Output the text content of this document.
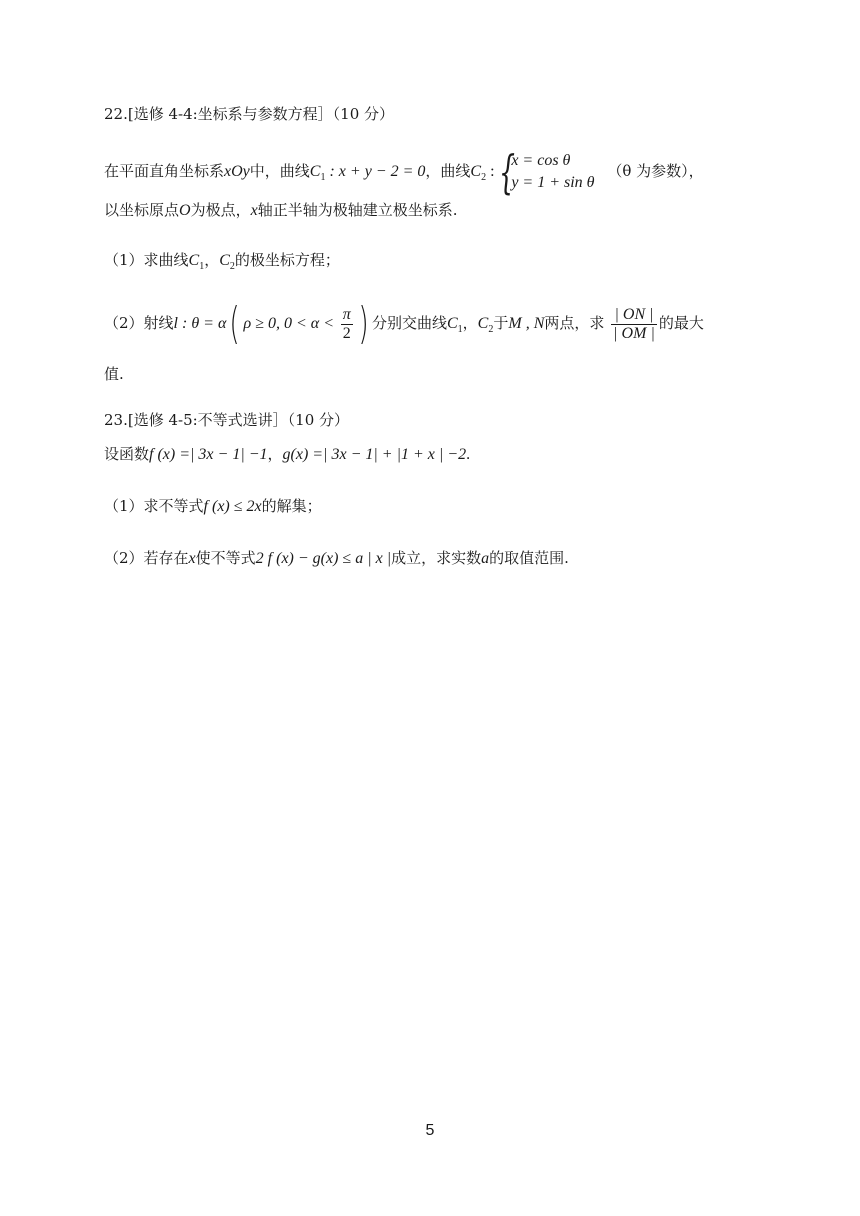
22.[选修 4-4:坐标系与参数方程］（10 分）
在平面直角坐标系xOy中，曲线$C_1$ : x + y − 2 = 0，曲线$C_2$ : {
x = cos θ
y = 1 + sin θ
（θ 为参数），
以坐标原点O为极点，x轴正半轴为极轴建立极坐标系.
（1）求曲线$C_1$，$C_2$的极坐标方程；
（2）射线l : θ = α( ρ ≥ 0, $0 < \alpha < \frac{\pi}{2}$ ) 分别交曲线$C_1$，$C_2$于M , N两点，求 $\frac{| ON |}{| OM |}$ 的最大
值.
23.[选修 4-5:不等式选讲］（10 分）
设函数f (x) =| 3x − 1| −1，g(x) =| 3x − 1| + |1 + x | −2.
（1）求不等式f (x) ≤ 2x的解集；
（2）若存在x使不等式2 f (x) − g(x) ≤ a | x |成立，求实数a的取值范围.
5
